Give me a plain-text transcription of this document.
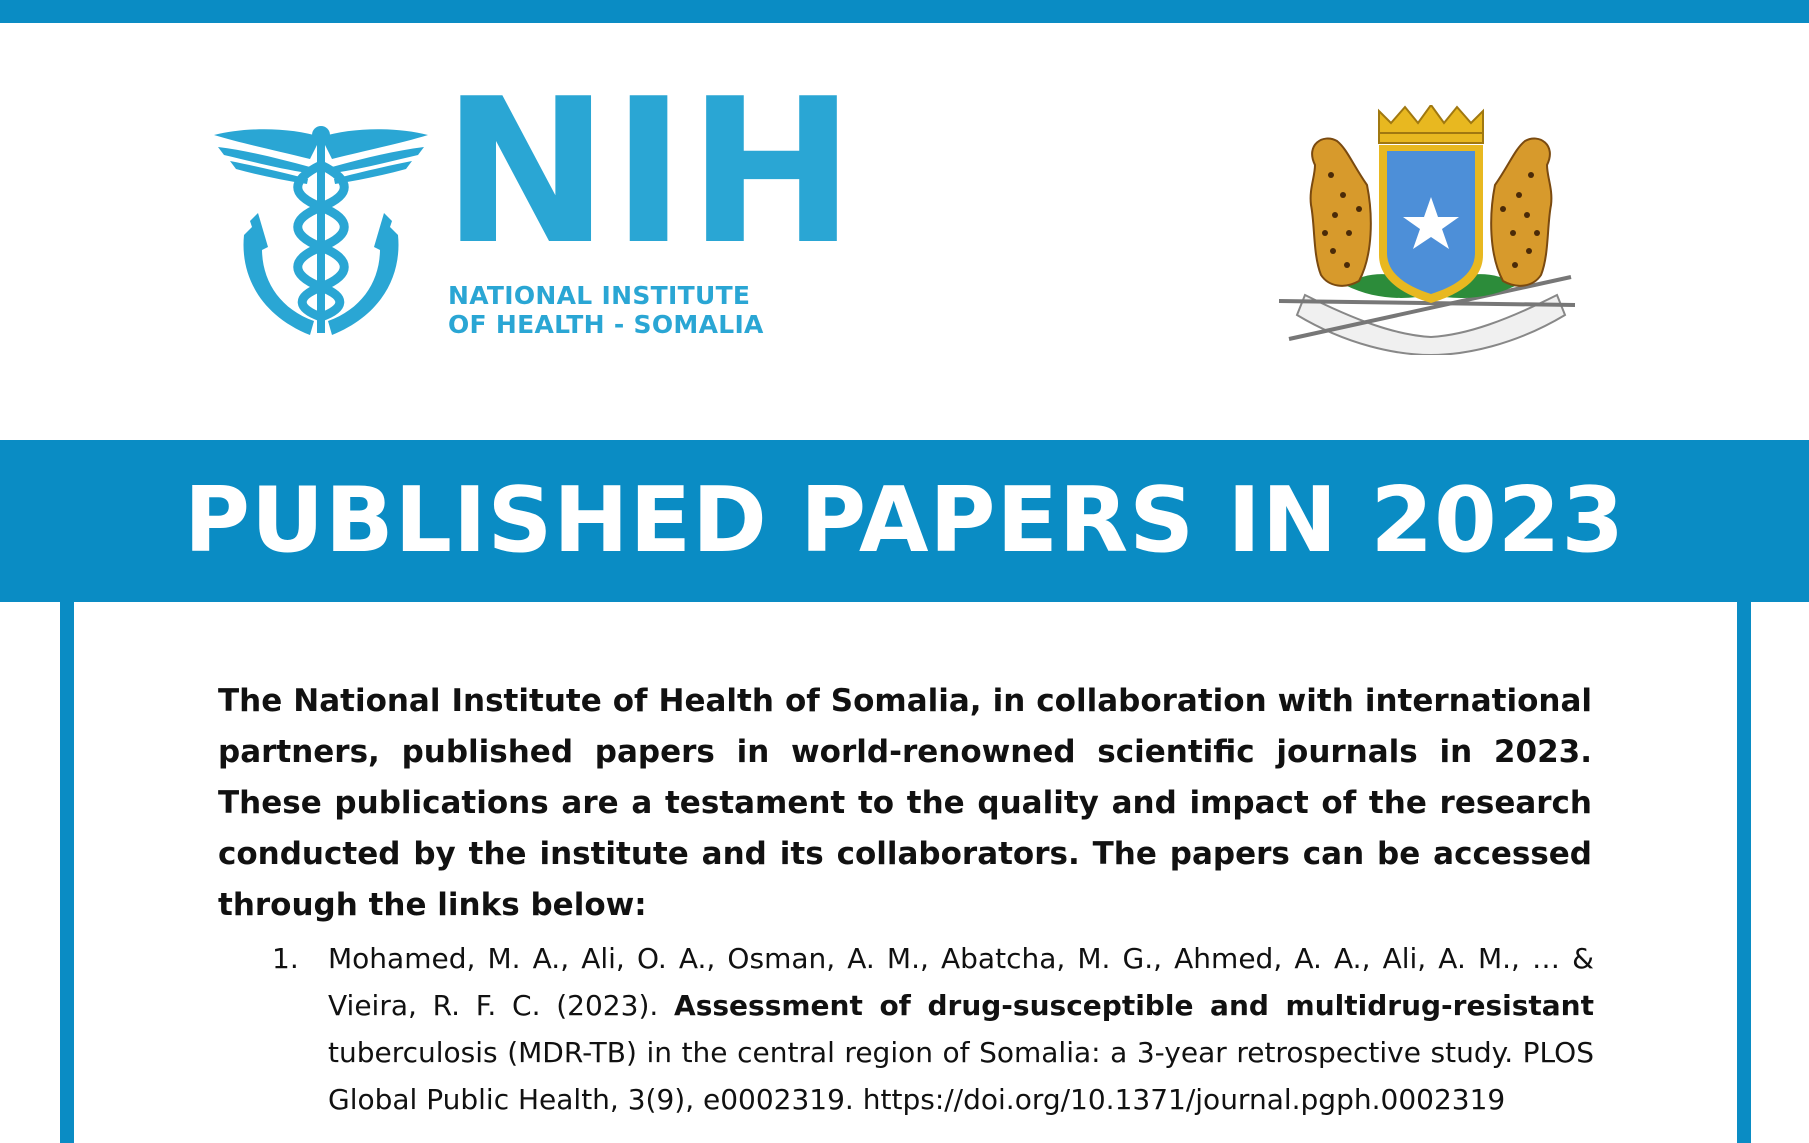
NIH
NATIONAL INSTITUTE
OF HEALTH - SOMALIA
PUBLISHED PAPERS IN 2023

The National Institute of Health of Somalia, in collaboration with international partners, published papers in world-renowned scientific journals in 2023. These publications are a testament to the quality and impact of the research conducted by the institute and its collaborators. The papers can be accessed through the links below:

1. Mohamed, M. A., Ali, O. A., Osman, A. M., Abatcha, M. G., Ahmed, A. A., Ali, A. M., … & Vieira, R. F. C. (2023). Assessment of drug-susceptible and multidrug-resistant tuberculosis (MDR-TB) in the central region of Somalia: a 3-year retrospective study. PLOS Global Public Health, 3(9), e0002319. https://doi.org/10.1371/journal.pgph.0002319
